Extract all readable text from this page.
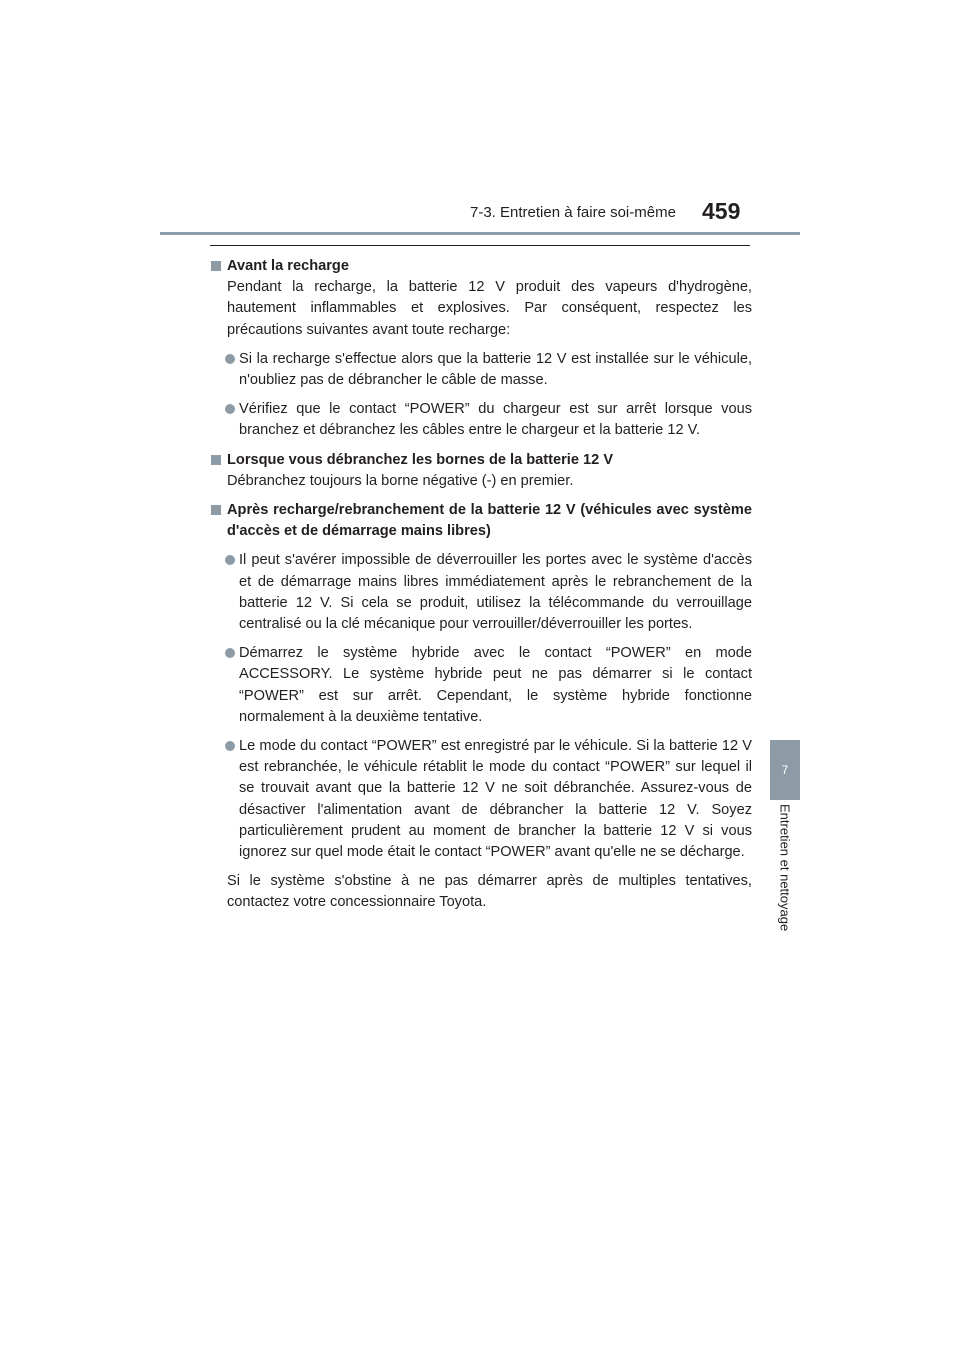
7-3. Entretien à faire soi-même 459
7
Entretien et nettoyage
Avant la recharge
Pendant la recharge, la batterie 12 V produit des vapeurs d'hydrogène, hautement inflammables et explosives. Par conséquent, respectez les précautions suivantes avant toute recharge:
Si la recharge s'effectue alors que la batterie 12 V est installée sur le véhicule, n'oubliez pas de débrancher le câble de masse.
Vérifiez que le contact “POWER” du chargeur est sur arrêt lorsque vous branchez et débranchez les câbles entre le chargeur et la batterie 12 V.
Lorsque vous débranchez les bornes de la batterie 12 V
Débranchez toujours la borne négative (-) en premier.
Après recharge/rebranchement de la batterie 12 V (véhicules avec système d'accès et de démarrage mains libres)
Il peut s'avérer impossible de déverrouiller les portes avec le système d'accès et de démarrage mains libres immédiatement après le rebranchement de la batterie 12 V. Si cela se produit, utilisez la télécommande du verrouillage centralisé ou la clé mécanique pour verrouiller/déverrouiller les portes.
Démarrez le système hybride avec le contact “POWER” en mode ACCESSORY. Le système hybride peut ne pas démarrer si le contact “POWER” est sur arrêt. Cependant, le système hybride fonctionne normalement à la deuxième tentative.
Le mode du contact “POWER” est enregistré par le véhicule. Si la batterie 12 V est rebranchée, le véhicule rétablit le mode du contact “POWER” sur lequel il se trouvait avant que la batterie 12 V ne soit débranchée. Assurez-vous de désactiver l'alimentation avant de débrancher la batterie 12 V. Soyez particulièrement prudent au moment de brancher la batterie 12 V si vous ignorez sur quel mode était le contact “POWER” avant qu'elle ne se décharge.
Si le système s'obstine à ne pas démarrer après de multiples tentatives, contactez votre concessionnaire Toyota.
